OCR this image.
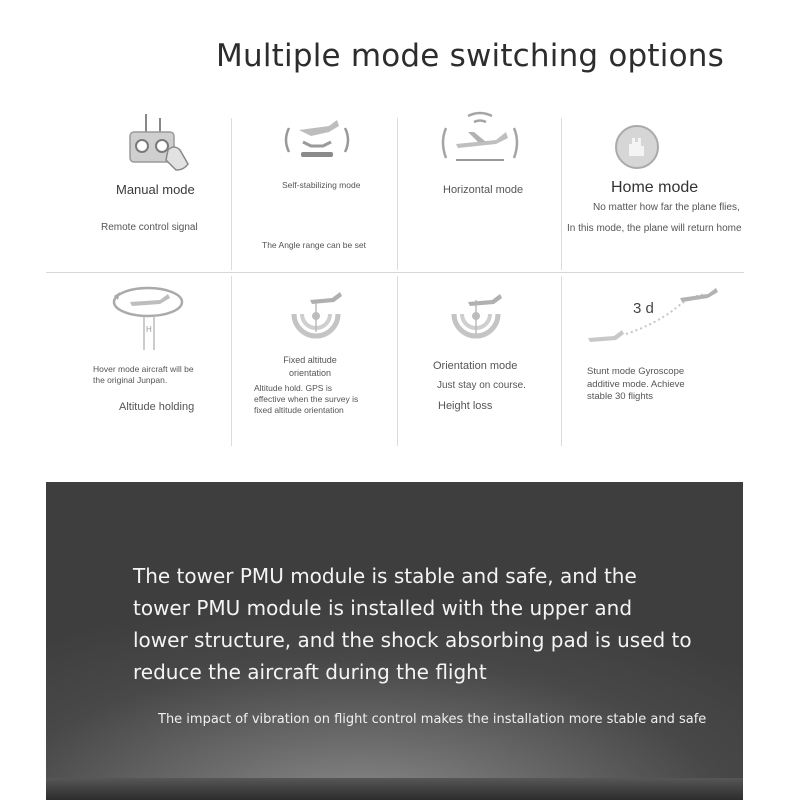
Multiple mode switching options
Manual mode
Remote control signal
Self-stabilizing mode
The Angle range can be set
Horizontal mode	Home mode
No matter how far the plane flies,
In this mode, the plane will return home
H
Hover mode aircraft will be the original Junpan.
Altitude holding
Fixed altitude
orientation
Altitude hold. GPS is effective when the survey is fixed altitude orientation
Orientation mode
Just stay on course.
Height loss
3 d
Stunt mode Gyroscope additive mode. Achieve stable 30 flights
The tower PMU module is stable and safe, and the tower PMU module is installed with the upper and lower structure, and the shock absorbing pad is used to reduce the aircraft during the flight
The impact of vibration on flight control makes the installation more stable and safe
